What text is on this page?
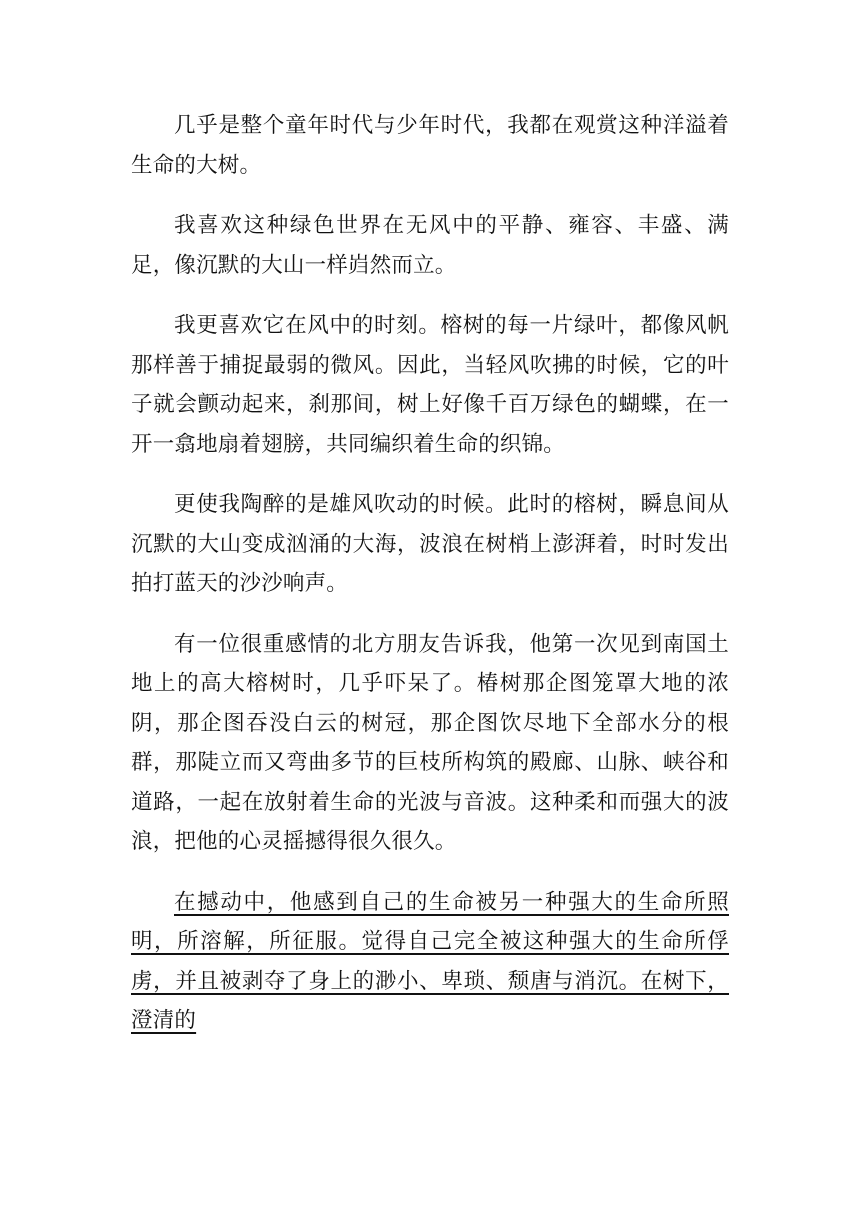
几乎是整个童年时代与少年时代，我都在观赏这种洋溢着生命的大树。

我喜欢这种绿色世界在无风中的平静、雍容、丰盛、满足，像沉默的大山一样岿然而立。

我更喜欢它在风中的时刻。榕树的每一片绿叶，都像风帆那样善于捕捉最弱的微风。因此，当轻风吹拂的时候，它的叶子就会颤动起来，刹那间，树上好像千百万绿色的蝴蝶，在一开一翕地扇着翅膀，共同编织着生命的织锦。

更使我陶醉的是雄风吹动的时候。此时的榕树，瞬息间从沉默的大山变成汹涌的大海，波浪在树梢上澎湃着，时时发出拍打蓝天的沙沙响声。

有一位很重感情的北方朋友告诉我，他第一次见到南国土地上的高大榕树时，几乎吓呆了。椿树那企图笼罩大地的浓阴，那企图吞没白云的树冠，那企图饮尽地下全部水分的根群，那陡立而又弯曲多节的巨枝所构筑的殿廊、山脉、峡谷和道路，一起在放射着生命的光波与音波。这种柔和而强大的波浪，把他的心灵摇撼得很久很久。

在撼动中，他感到自己的生命被另一种强大的生命所照明，所溶解，所征服。觉得自己完全被这种强大的生命所俘虏，并且被剥夺了身上的渺小、卑琐、颓唐与消沉。在树下，澄清的
